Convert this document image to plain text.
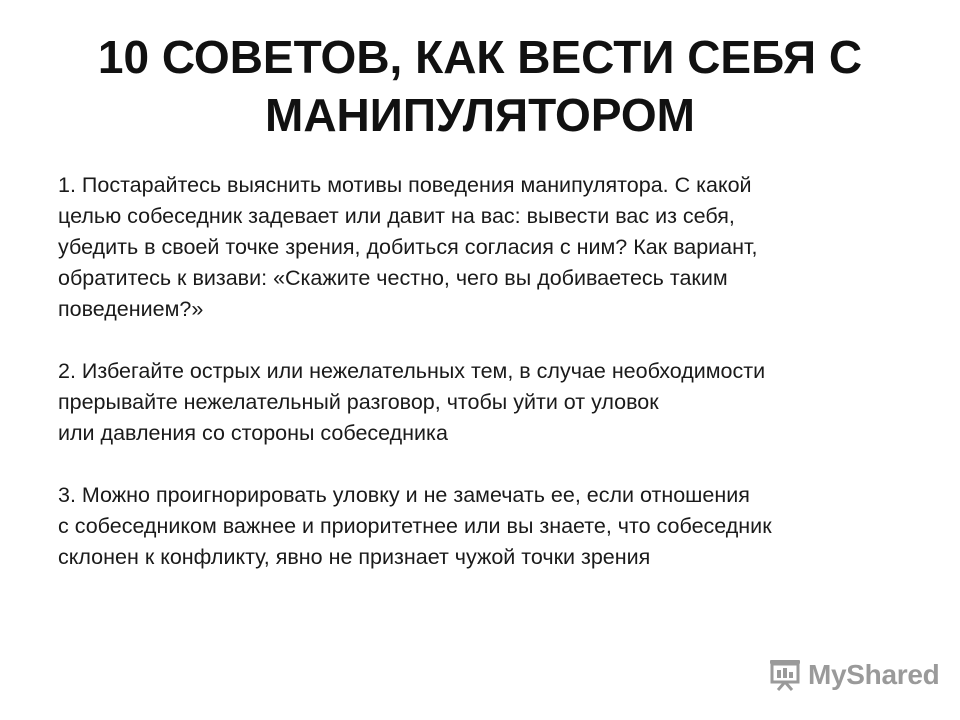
10 СОВЕТОВ, КАК ВЕСТИ СЕБЯ С
МАНИПУЛЯТОРОМ

1. Постарайтесь выяснить мотивы поведения манипулятора. С какой
целью собеседник задевает или давит на вас: вывести вас из себя,
убедить в своей точке зрения, добиться согласия с ним? Как вариант,
обратитесь к визави: «Скажите честно, чего вы добиваетесь таким
поведением?»

2. Избегайте острых или нежелательных тем, в случае необходимости
прерывайте нежелательный разговор, чтобы уйти от уловок
или давления со стороны собеседника

3. Можно проигнорировать уловку и не замечать ее, если отношения
с собеседником важнее и приоритетнее или вы знаете, что собеседник
склонен к конфликту, явно не признает чужой точки зрения

MyShared
